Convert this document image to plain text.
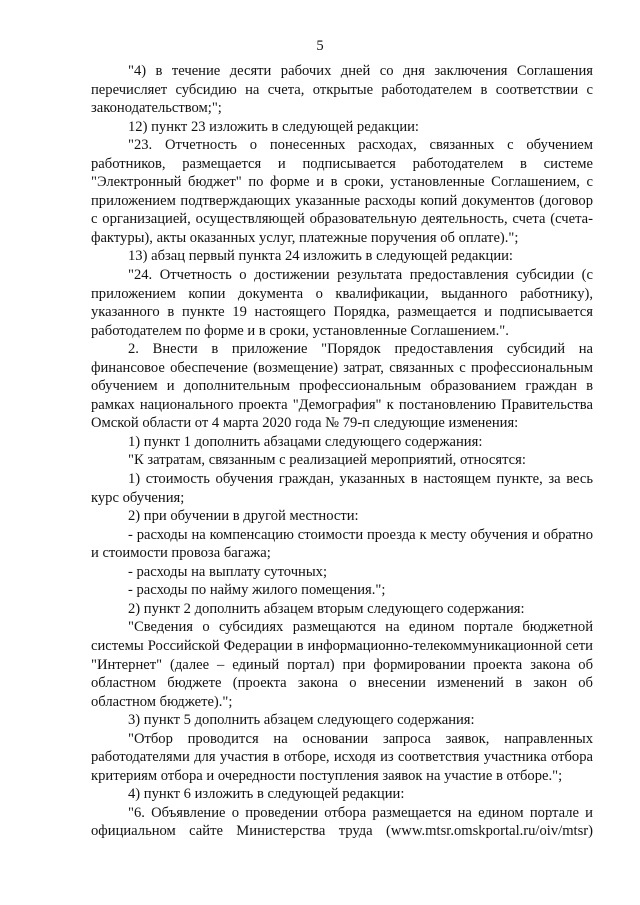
5

"4) в течение десяти рабочих дней со дня заключения Соглашения перечисляет субсидию на счета, открытые работодателем в соответствии с законодательством;";

12) пункт 23 изложить в следующей редакции:

"23. Отчетность о понесенных расходах, связанных с обучением работников, размещается и подписывается работодателем в системе "Электронный бюджет" по форме и в сроки, установленные Соглашением, с приложением подтверждающих указанные расходы копий документов (договор с организацией, осуществляющей образовательную деятельность, счета (счета-фактуры), акты оказанных услуг, платежные поручения об оплате).";

13) абзац первый пункта 24 изложить в следующей редакции:

"24. Отчетность о достижении результата предоставления субсидии (с приложением копии документа о квалификации, выданного работнику), указанного в пункте 19 настоящего Порядка, размещается и подписывается работодателем по форме и в сроки, установленные Соглашением.".

2. Внести в приложение "Порядок предоставления субсидий на финансовое обеспечение (возмещение) затрат, связанных с профессиональным обучением и дополнительным профессиональным образованием граждан в рамках национального проекта "Демография" к постановлению Правительства Омской области от 4 марта 2020 года № 79-п следующие изменения:

1) пункт 1 дополнить абзацами следующего содержания:

"К затратам, связанным с реализацией мероприятий, относятся:

1) стоимость обучения граждан, указанных в настоящем пункте, за весь курс обучения;

2) при обучении в другой местности:

- расходы на компенсацию стоимости проезда к месту обучения и обратно и стоимости провоза багажа;

- расходы на выплату суточных;

- расходы по найму жилого помещения.";

2) пункт 2 дополнить абзацем вторым следующего содержания:

"Сведения о субсидиях размещаются на едином портале бюджетной системы Российской Федерации в информационно-телекоммуникационной сети "Интернет" (далее – единый портал) при формировании проекта закона об областном бюджете (проекта закона о внесении изменений в закон об областном бюджете).";

3) пункт 5 дополнить абзацем следующего содержания:

"Отбор проводится на основании запроса заявок, направленных работодателями для участия в отборе, исходя из соответствия участника отбора критериям отбора и очередности поступления заявок на участие в отборе.";

4) пункт 6 изложить в следующей редакции:

"6. Объявление о проведении отбора размещается на едином портале и официальном сайте Министерства труда (www.mtsr.omskportal.ru/oiv/mtsr)
